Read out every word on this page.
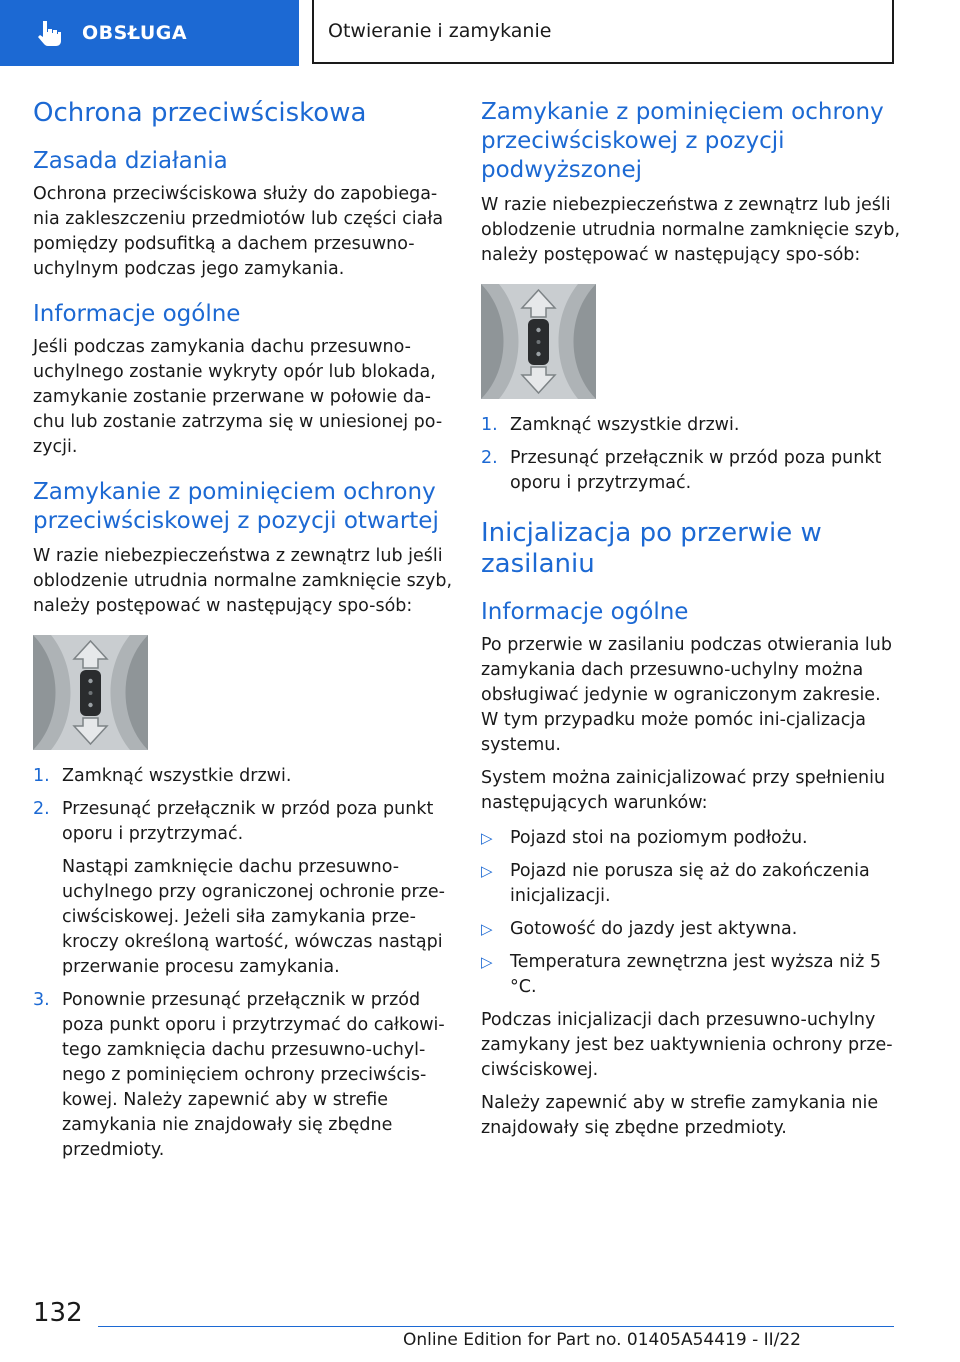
OBSŁUGA	Otwieranie i zamykanie
Ochrona przeciwściskowa
Zasada działania

Ochrona przeciwściskowa służy do zapobiega-nia zakleszczeniu przedmiotów lub części ciała pomiędzy podsufitką a dachem przesuwno-uchylnym podczas jego zamykania.

Informacje ogólne

Jeśli podczas zamykania dachu przesuwno-uchylnego zostanie wykryty opór lub blokada, zamykanie zostanie przerwane w połowie da-chu lub zostanie zatrzyma się w uniesionej po-zycji.

Zamykanie z pominięciem ochrony przeciwściskowej z pozycji otwartej

W razie niebezpieczeństwa z zewnątrz lub jeśli oblodzenie utrudnia normalne zamknięcie szyb, należy postępować w następujący spo-sób:

1. Zamknąć wszystkie drzwi.
2. Przesunąć przełącznik w przód poza punkt oporu i przytrzymać.
Nastąpi zamknięcie dachu przesuwno-uchylnego przy ograniczonej ochronie prze-ciwściskowej. Jeżeli siła zamykania prze-kroczy określoną wartość, wówczas nastąpi przerwanie procesu zamykania.
3. Ponownie przesunąć przełącznik w przód poza punkt oporu i przytrzymać do całkowi-tego zamknięcia dachu przesuwno-uchyl-nego z pominięciem ochrony przeciwścis-kowej. Należy zapewnić aby w strefie zamykania nie znajdowały się zbędne przedmioty.
Zamykanie z pominięciem ochrony przeciwściskowej z pozycji podwyższonej

W razie niebezpieczeństwa z zewnątrz lub jeśli oblodzenie utrudnia normalne zamknięcie szyb, należy postępować w następujący spo-sób:

1. Zamknąć wszystkie drzwi.
2. Przesunąć przełącznik w przód poza punkt oporu i przytrzymać.
Inicjalizacja po przerwie w zasilaniu
Informacje ogólne

Po przerwie w zasilaniu podczas otwierania lub zamykania dach przesuwno-uchylny można obsługiwać jedynie w ograniczonym zakresie. W tym przypadku może pomóc ini-cjalizacja systemu.

System można zainicjalizować przy spełnieniu następujących warunków:

▷ Pojazd stoi na poziomym podłożu.
▷ Pojazd nie porusza się aż do zakończenia inicjalizacji.
▷ Gotowość do jazdy jest aktywna.
▷ Temperatura zewnętrzna jest wyższa niż 5 °C.

Podczas inicjalizacji dach przesuwno-uchylny zamykany jest bez uaktywnienia ochrony prze-ciwściskowej.

Należy zapewnić aby w strefie zamykania nie znajdowały się zbędne przedmioty.

132
Online Edition for Part no. 01405A54419 - II/22
